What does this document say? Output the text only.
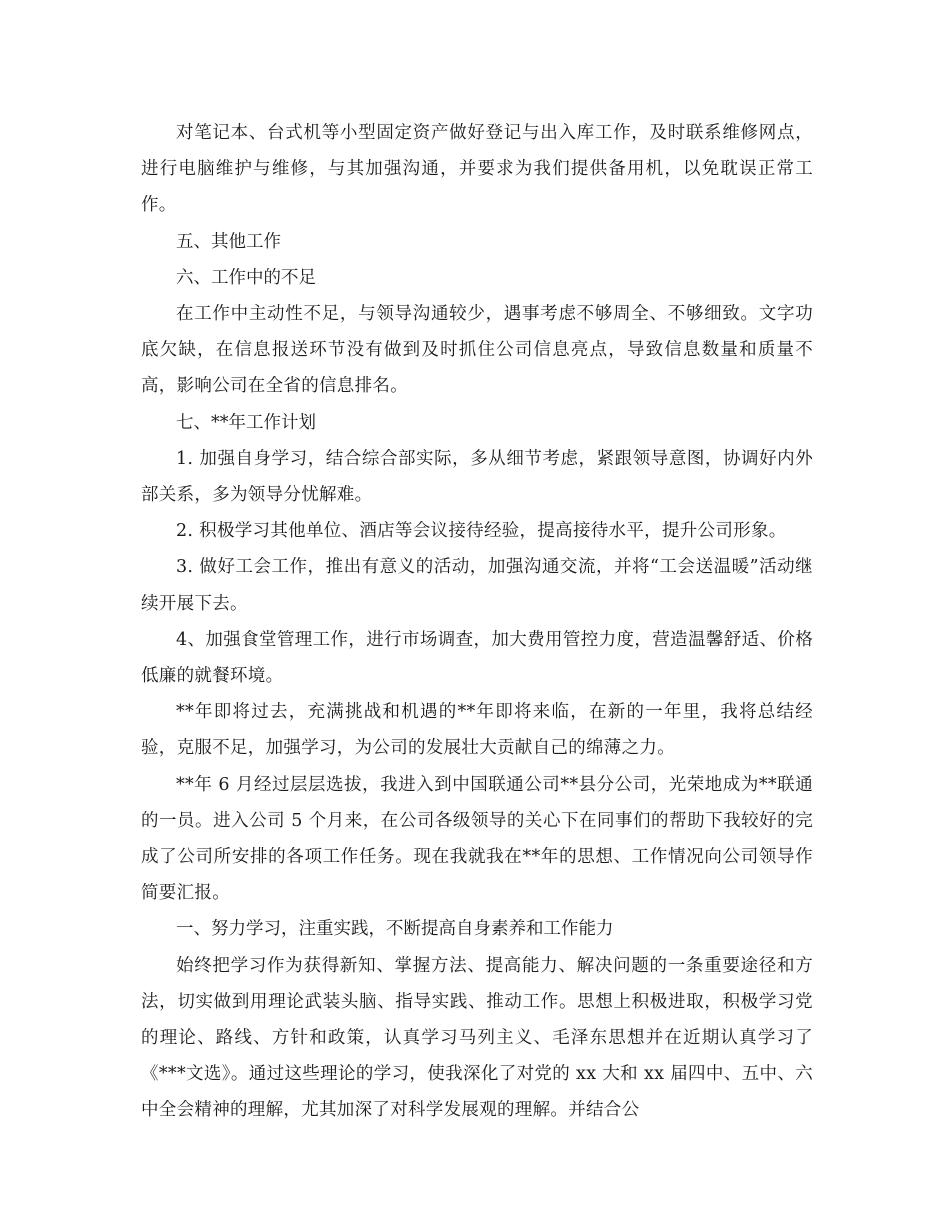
对笔记本、台式机等小型固定资产做好登记与出入库工作，及时联系维修网点，进行电脑维护与维修，与其加强沟通，并要求为我们提供备用机，以免耽误正常工作。

五、其他工作

六、工作中的不足

在工作中主动性不足，与领导沟通较少，遇事考虑不够周全、不够细致。文字功底欠缺，在信息报送环节没有做到及时抓住公司信息亮点，导致信息数量和质量不高，影响公司在全省的信息排名。

七、**年工作计划

1. 加强自身学习，结合综合部实际，多从细节考虑，紧跟领导意图，协调好内外部关系，多为领导分忧解难。

2. 积极学习其他单位、酒店等会议接待经验，提高接待水平，提升公司形象。

3. 做好工会工作，推出有意义的活动，加强沟通交流，并将“工会送温暖”活动继续开展下去。

4、加强食堂管理工作，进行市场调查，加大费用管控力度，营造温馨舒适、价格低廉的就餐环境。

**年即将过去，充满挑战和机遇的**年即将来临，在新的一年里，我将总结经验，克服不足，加强学习，为公司的发展壮大贡献自己的绵薄之力。

**年 6 月经过层层选拔，我进入到中国联通公司**县分公司，光荣地成为**联通的一员。进入公司 5 个月来，在公司各级领导的关心下在同事们的帮助下我较好的完成了公司所安排的各项工作任务。现在我就我在**年的思想、工作情况向公司领导作简要汇报。

一、努力学习，注重实践，不断提高自身素养和工作能力

始终把学习作为获得新知、掌握方法、提高能力、解决问题的一条重要途径和方法，切实做到用理论武装头脑、指导实践、推动工作。思想上积极进取，积极学习党的理论、路线、方针和政策，认真学习马列主义、毛泽东思想并在近期认真学习了《***文选》。通过这些理论的学习，使我深化了对党的 xx 大和 xx 届四中、五中、六中全会精神的理解，尤其加深了对科学发展观的理解。并结合公
